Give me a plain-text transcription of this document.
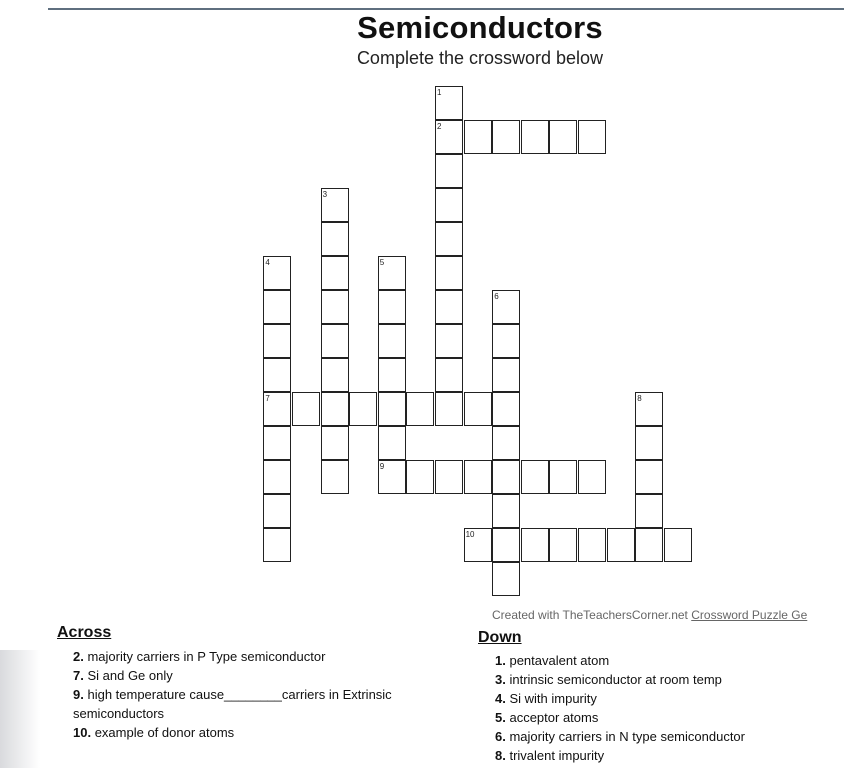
Semiconductors
Complete the crossword below
1
2
3
4	5
6
7	8
9
10
Created with TheTeachersCorner.net Crossword Puzzle Ge
Across
2. majority carriers in P Type semiconductor
7. Si and Ge only
9. high temperature cause________carriers in Extrinsic
semiconductors
10. example of donor atoms
Down
1. pentavalent atom
3. intrinsic semiconductor at room temp
4. Si with impurity
5. acceptor atoms
6. majority carriers in N type semiconductor
8. trivalent impurity
